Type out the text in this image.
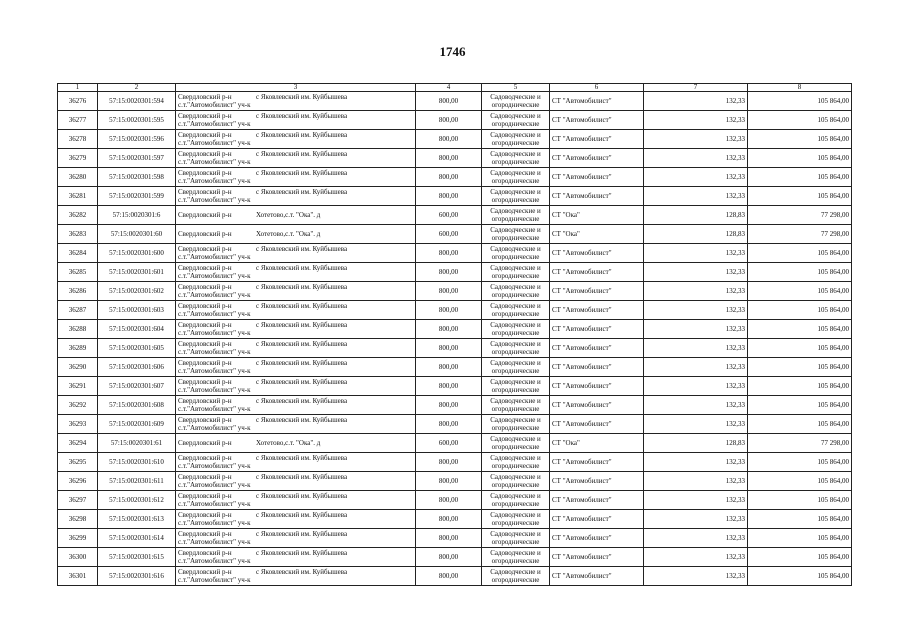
1746
1	2	3	4	5	6	7	8
36276	57:15:0020301:594	Свердловский р-н с Яковлевский им. Куйбышева
с.т."Автомобилист" уч-к	800,00	Садоводческие и
огороднические	СТ "Автомобилист"	132,33	105 864,00
36277	57:15:0020301:595	Свердловский р-н с Яковлевский им. Куйбышева
с.т."Автомобилист" уч-к	800,00	Садоводческие и
огороднические	СТ "Автомобилист"	132,33	105 864,00
36278	57:15:0020301:596	Свердловский р-н с Яковлевский им. Куйбышева
с.т."Автомобилист" уч-к	800,00	Садоводческие и
огороднические	СТ "Автомобилист"	132,33	105 864,00
36279	57:15:0020301:597	Свердловский р-н с Яковлевский им. Куйбышева
с.т."Автомобилист" уч-к	800,00	Садоводческие и
огороднические	СТ "Автомобилист"	132,33	105 864,00
36280	57:15:0020301:598	Свердловский р-н с Яковлевский им. Куйбышева
с.т."Автомобилист" уч-к	800,00	Садоводческие и
огороднические	СТ "Автомобилист"	132,33	105 864,00
36281	57:15:0020301:599	Свердловский р-н с Яковлевский им. Куйбышева
с.т."Автомобилист" уч-к	800,00	Садоводческие и
огороднические	СТ "Автомобилист"	132,33	105 864,00
36282	57:15:0020301:6	Свердловский р-н Хотетово,с.т. "Ока". д	600,00	Садоводческие и
огороднические	СТ "Ока"	128,83	77 298,00
36283	57:15:0020301:60	Свердловский р-н Хотетово,с.т. "Ока". д	600,00	Садоводческие и
огороднические	СТ "Ока"	128,83	77 298,00
36284	57:15:0020301:600	Свердловский р-н с Яковлевский им. Куйбышева
с.т."Автомобилист" уч-к	800,00	Садоводческие и
огороднические	СТ "Автомобилист"	132,33	105 864,00
36285	57:15:0020301:601	Свердловский р-н с Яковлевский им. Куйбышева
с.т."Автомобилист" уч-к	800,00	Садоводческие и
огороднические	СТ "Автомобилист"	132,33	105 864,00
36286	57:15:0020301:602	Свердловский р-н с Яковлевский им. Куйбышева
с.т."Автомобилист" уч-к	800,00	Садоводческие и
огороднические	СТ "Автомобилист"	132,33	105 864,00
36287	57:15:0020301:603	Свердловский р-н с Яковлевский им. Куйбышева
с.т."Автомобилист" уч-к	800,00	Садоводческие и
огороднические	СТ "Автомобилист"	132,33	105 864,00
36288	57:15:0020301:604	Свердловский р-н с Яковлевский им. Куйбышева
с.т."Автомобилист" уч-к	800,00	Садоводческие и
огороднические	СТ "Автомобилист"	132,33	105 864,00
36289	57:15:0020301:605	Свердловский р-н с Яковлевский им. Куйбышева
с.т."Автомобилист" уч-к	800,00	Садоводческие и
огороднические	СТ "Автомобилист"	132,33	105 864,00
36290	57:15:0020301:606	Свердловский р-н с Яковлевский им. Куйбышева
с.т."Автомобилист" уч-к	800,00	Садоводческие и
огороднические	СТ "Автомобилист"	132,33	105 864,00
36291	57:15:0020301:607	Свердловский р-н с Яковлевский им. Куйбышева
с.т."Автомобилист" уч-к	800,00	Садоводческие и
огороднические	СТ "Автомобилист"	132,33	105 864,00
36292	57:15:0020301:608	Свердловский р-н с Яковлевский им. Куйбышева
с.т."Автомобилист" уч-к	800,00	Садоводческие и
огороднические	СТ "Автомобилист"	132,33	105 864,00
36293	57:15:0020301:609	Свердловский р-н с Яковлевский им. Куйбышева
с.т."Автомобилист" уч-к	800,00	Садоводческие и
огороднические	СТ "Автомобилист"	132,33	105 864,00
36294	57:15:0020301:61	Свердловский р-н Хотетово,с.т. "Ока". д	600,00	Садоводческие и
огороднические	СТ "Ока"	128,83	77 298,00
36295	57:15:0020301:610	Свердловский р-н с Яковлевский им. Куйбышева
с.т."Автомобилист" уч-к	800,00	Садоводческие и
огороднические	СТ "Автомобилист"	132,33	105 864,00
36296	57:15:0020301:611	Свердловский р-н с Яковлевский им. Куйбышева
с.т."Автомобилист" уч-к	800,00	Садоводческие и
огороднические	СТ "Автомобилист"	132,33	105 864,00
36297	57:15:0020301:612	Свердловский р-н с Яковлевский им. Куйбышева
с.т."Автомобилист" уч-к	800,00	Садоводческие и
огороднические	СТ "Автомобилист"	132,33	105 864,00
36298	57:15:0020301:613	Свердловский р-н с Яковлевский им. Куйбышева
с.т."Автомобилист" уч-к	800,00	Садоводческие и
огороднические	СТ "Автомобилист"	132,33	105 864,00
36299	57:15:0020301:614	Свердловский р-н с Яковлевский им. Куйбышева
с.т."Автомобилист" уч-к	800,00	Садоводческие и
огороднические	СТ "Автомобилист"	132,33	105 864,00
36300	57:15:0020301:615	Свердловский р-н с Яковлевский им. Куйбышева
с.т."Автомобилист" уч-к	800,00	Садоводческие и
огороднические	СТ "Автомобилист"	132,33	105 864,00
36301	57:15:0020301:616	Свердловский р-н с Яковлевский им. Куйбышева
с.т."Автомобилист" уч-к	800,00	Садоводческие и
огороднические	СТ "Автомобилист"	132,33	105 864,00
